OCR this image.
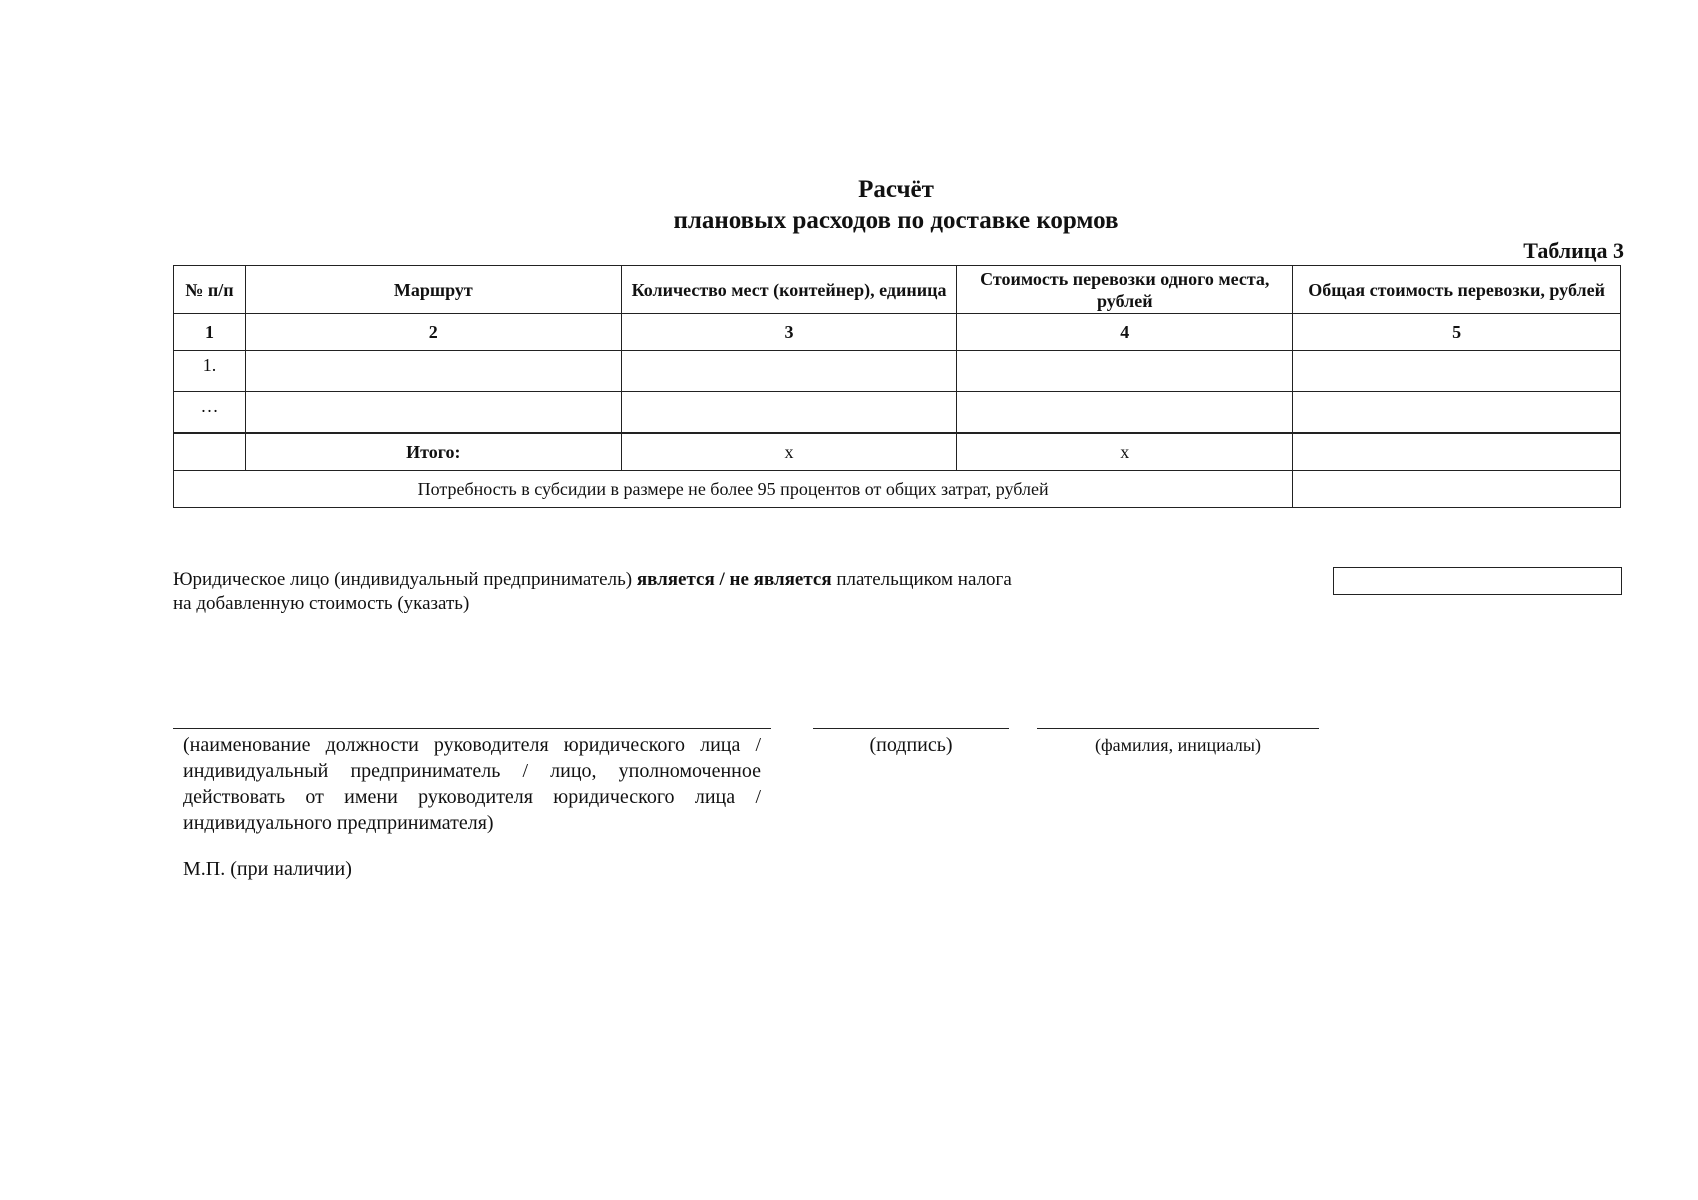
Расчёт
плановых расходов по доставке кормов
Таблица 3
№ п/п	Маршрут	Количество мест (контейнер), единица	Стоимость перевозки одного места, рублей	Общая стоимость перевозки, рублей
1	2	3	4	5
1.				
…				
	Итого:	х	х	
Потребность в субсидии в размере не более 95 процентов от общих затрат, рублей				
Юридическое лицо (индивидуальный предприниматель) является / не является плательщиком налога на добавленную стоимость (указать)
(наименование должности руководителя юридического лица / индивидуальный предприниматель / лицо, уполномоченное действовать от имени руководителя юридического лица / индивидуального предпринимателя)
(подпись)	(фамилия, инициалы)
М.П. (при наличии)
